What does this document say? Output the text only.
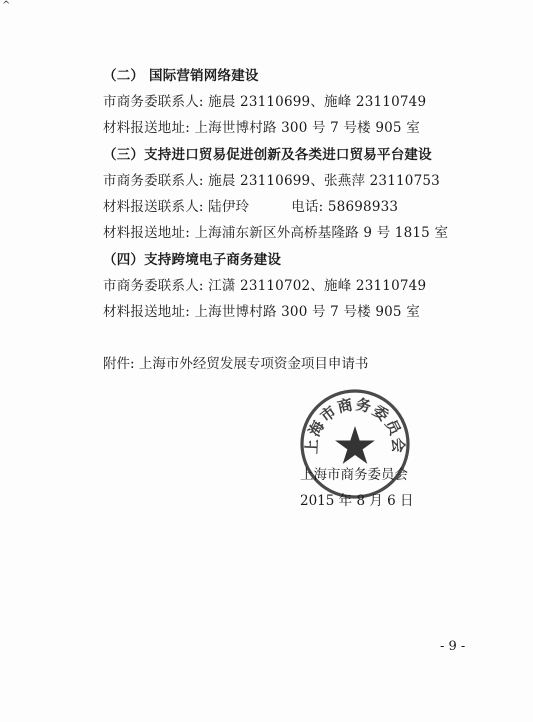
^
（二） 国际营销网络建设
市商务委联系人: 施晨 23110699、施峰 23110749
材料报送地址: 上海世博村路 300 号 7 号楼 905 室
（三）支持进口贸易促进创新及各类进口贸易平台建设
市商务委联系人: 施晨 23110699、张燕萍 23110753
材料报送联系人: 陆伊玲	电话: 58698933
材料报送地址: 上海浦东新区外高桥基隆路 9 号 1815 室
（四）支持跨境电子商务建设
市商务委联系人: 江潇 23110702、施峰 23110749
材料报送地址: 上海世博村路 300 号 7 号楼 905 室
附件: 上海市外经贸发展专项资金项目申请书
上海市商务委员会
上海市商务委员会
2015 年 8 月 6 日
- 9 -
